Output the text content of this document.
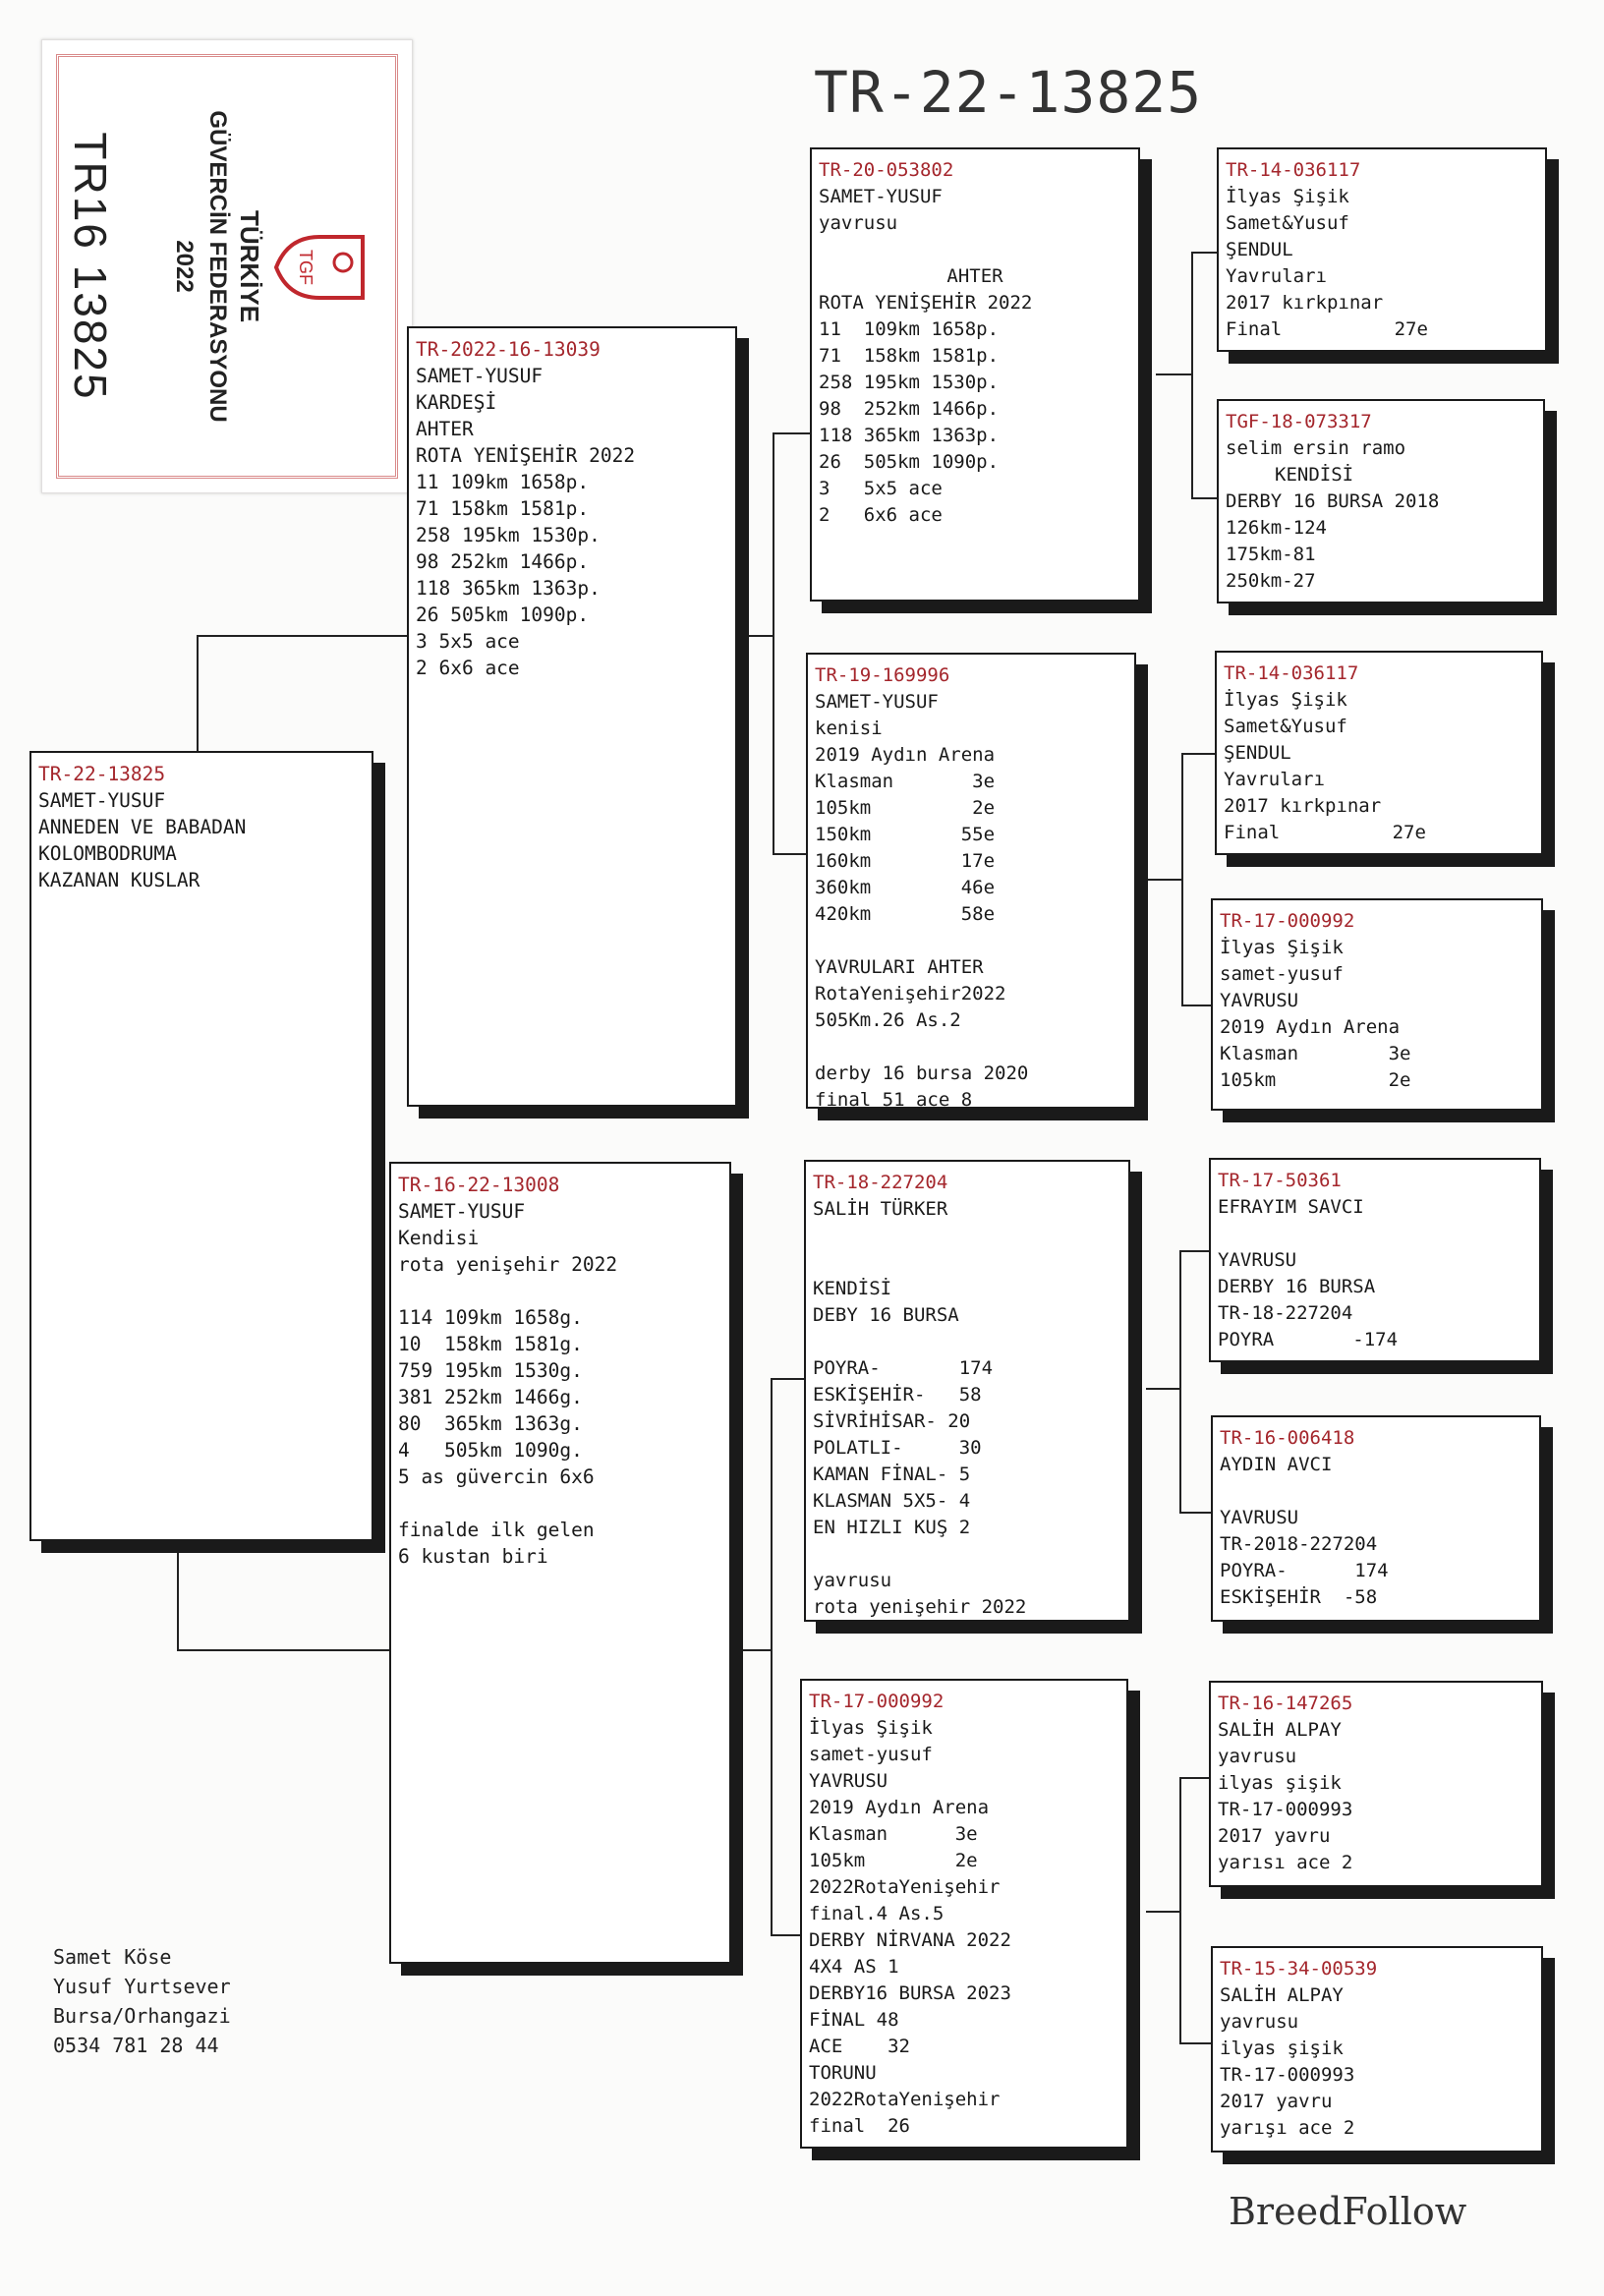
TÜRKİYE
GÜVERCİN FEDERASYONU
2022	TGF
TR16 13825
TR-22-13825
TR-22-13825
SAMET-YUSUF
ANNEDEN VE BABADAN
KOLOMBODRUMA
KAZANAN KUSLAR
TR-2022-16-13039
SAMET-YUSUF
KARDEŞİ
AHTER
ROTA YENİŞEHİR 2022
11 109km 1658p.
71 158km 1581p.
258 195km 1530p.
98 252km 1466p.
118 365km 1363p.
26 505km 1090p.
3 5x5 ace
2 6x6 ace
TR-16-22-13008
SAMET-YUSUF
Kendisi
rota yenişehir 2022
114 109km 1658g.
10  158km 1581g.
759 195km 1530g.
381 252km 1466g.
80  365km 1363g.
4   505km 1090g.
5 as güvercin 6x6
finalde ilk gelen
6 kustan biri
TR-20-053802
SAMET-YUSUF
yavrusu
AHTER
ROTA YENİŞEHİR 2022
11  109km 1658p.
71  158km 1581p.
258 195km 1530p.
98  252km 1466p.
118 365km 1363p.
26  505km 1090p.
3   5x5 ace
2   6x6 ace
TR-19-169996
SAMET-YUSUF
kenisi
2019 Aydın Arena
Klasman       3e
105km         2e
150km        55e
160km        17e
360km        46e
420km        58e
YAVRULARI AHTER
RotaYenişehir2022
505Km.26 As.2
derby 16 bursa 2020
final 51 ace 8
TR-18-227204
SALİH TÜRKER
KENDİSİ
DEBY 16 BURSA
POYRA-       174
ESKİŞEHİR-   58
SİVRİHİSAR- 20
POLATLI-     30
KAMAN FİNAL- 5
KLASMAN 5X5- 4
EN HIZLI KUŞ 2
yavrusu
rota yenişehir 2022
TR-17-000992
İlyas Şişik
samet-yusuf
YAVRUSU
2019 Aydın Arena
Klasman      3e
105km        2e
2022RotaYenişehir
final.4 As.5
DERBY NİRVANA 2022
4X4 AS 1
DERBY16 BURSA 2023
FİNAL 48
ACE    32
TORUNU
2022RotaYenişehir
final  26
TR-14-036117
İlyas Şişik
Samet&Yusuf
ŞENDUL
Yavruları
2017 kırkpınar
Final          27e
TGF-18-073317
selim ersin ramo
KENDİSİ
DERBY 16 BURSA 2018
126km-124
175km-81
250km-27
TR-14-036117
İlyas Şişik
Samet&Yusuf
ŞENDUL
Yavruları
2017 kırkpınar
Final          27e
TR-17-000992
İlyas Şişik
samet-yusuf
YAVRUSU
2019 Aydın Arena
Klasman        3e
105km          2e
TR-17-50361
EFRAYIM SAVCI
YAVRUSU
DERBY 16 BURSA
TR-18-227204
POYRA       -174
TR-16-006418
AYDIN AVCI
YAVRUSU
TR-2018-227204
POYRA-      174
ESKİŞEHİR  -58
TR-16-147265
SALİH ALPAY
yavrusu
ilyas şişik
TR-17-000993
2017 yavru
yarısı ace 2
TR-15-34-00539
SALİH ALPAY
yavrusu
ilyas şişik
TR-17-000993
2017 yavru
yarışı ace 2
Samet Köse
Yusuf Yurtsever
Bursa/Orhangazi
0534 781 28 44
BreedFollow
